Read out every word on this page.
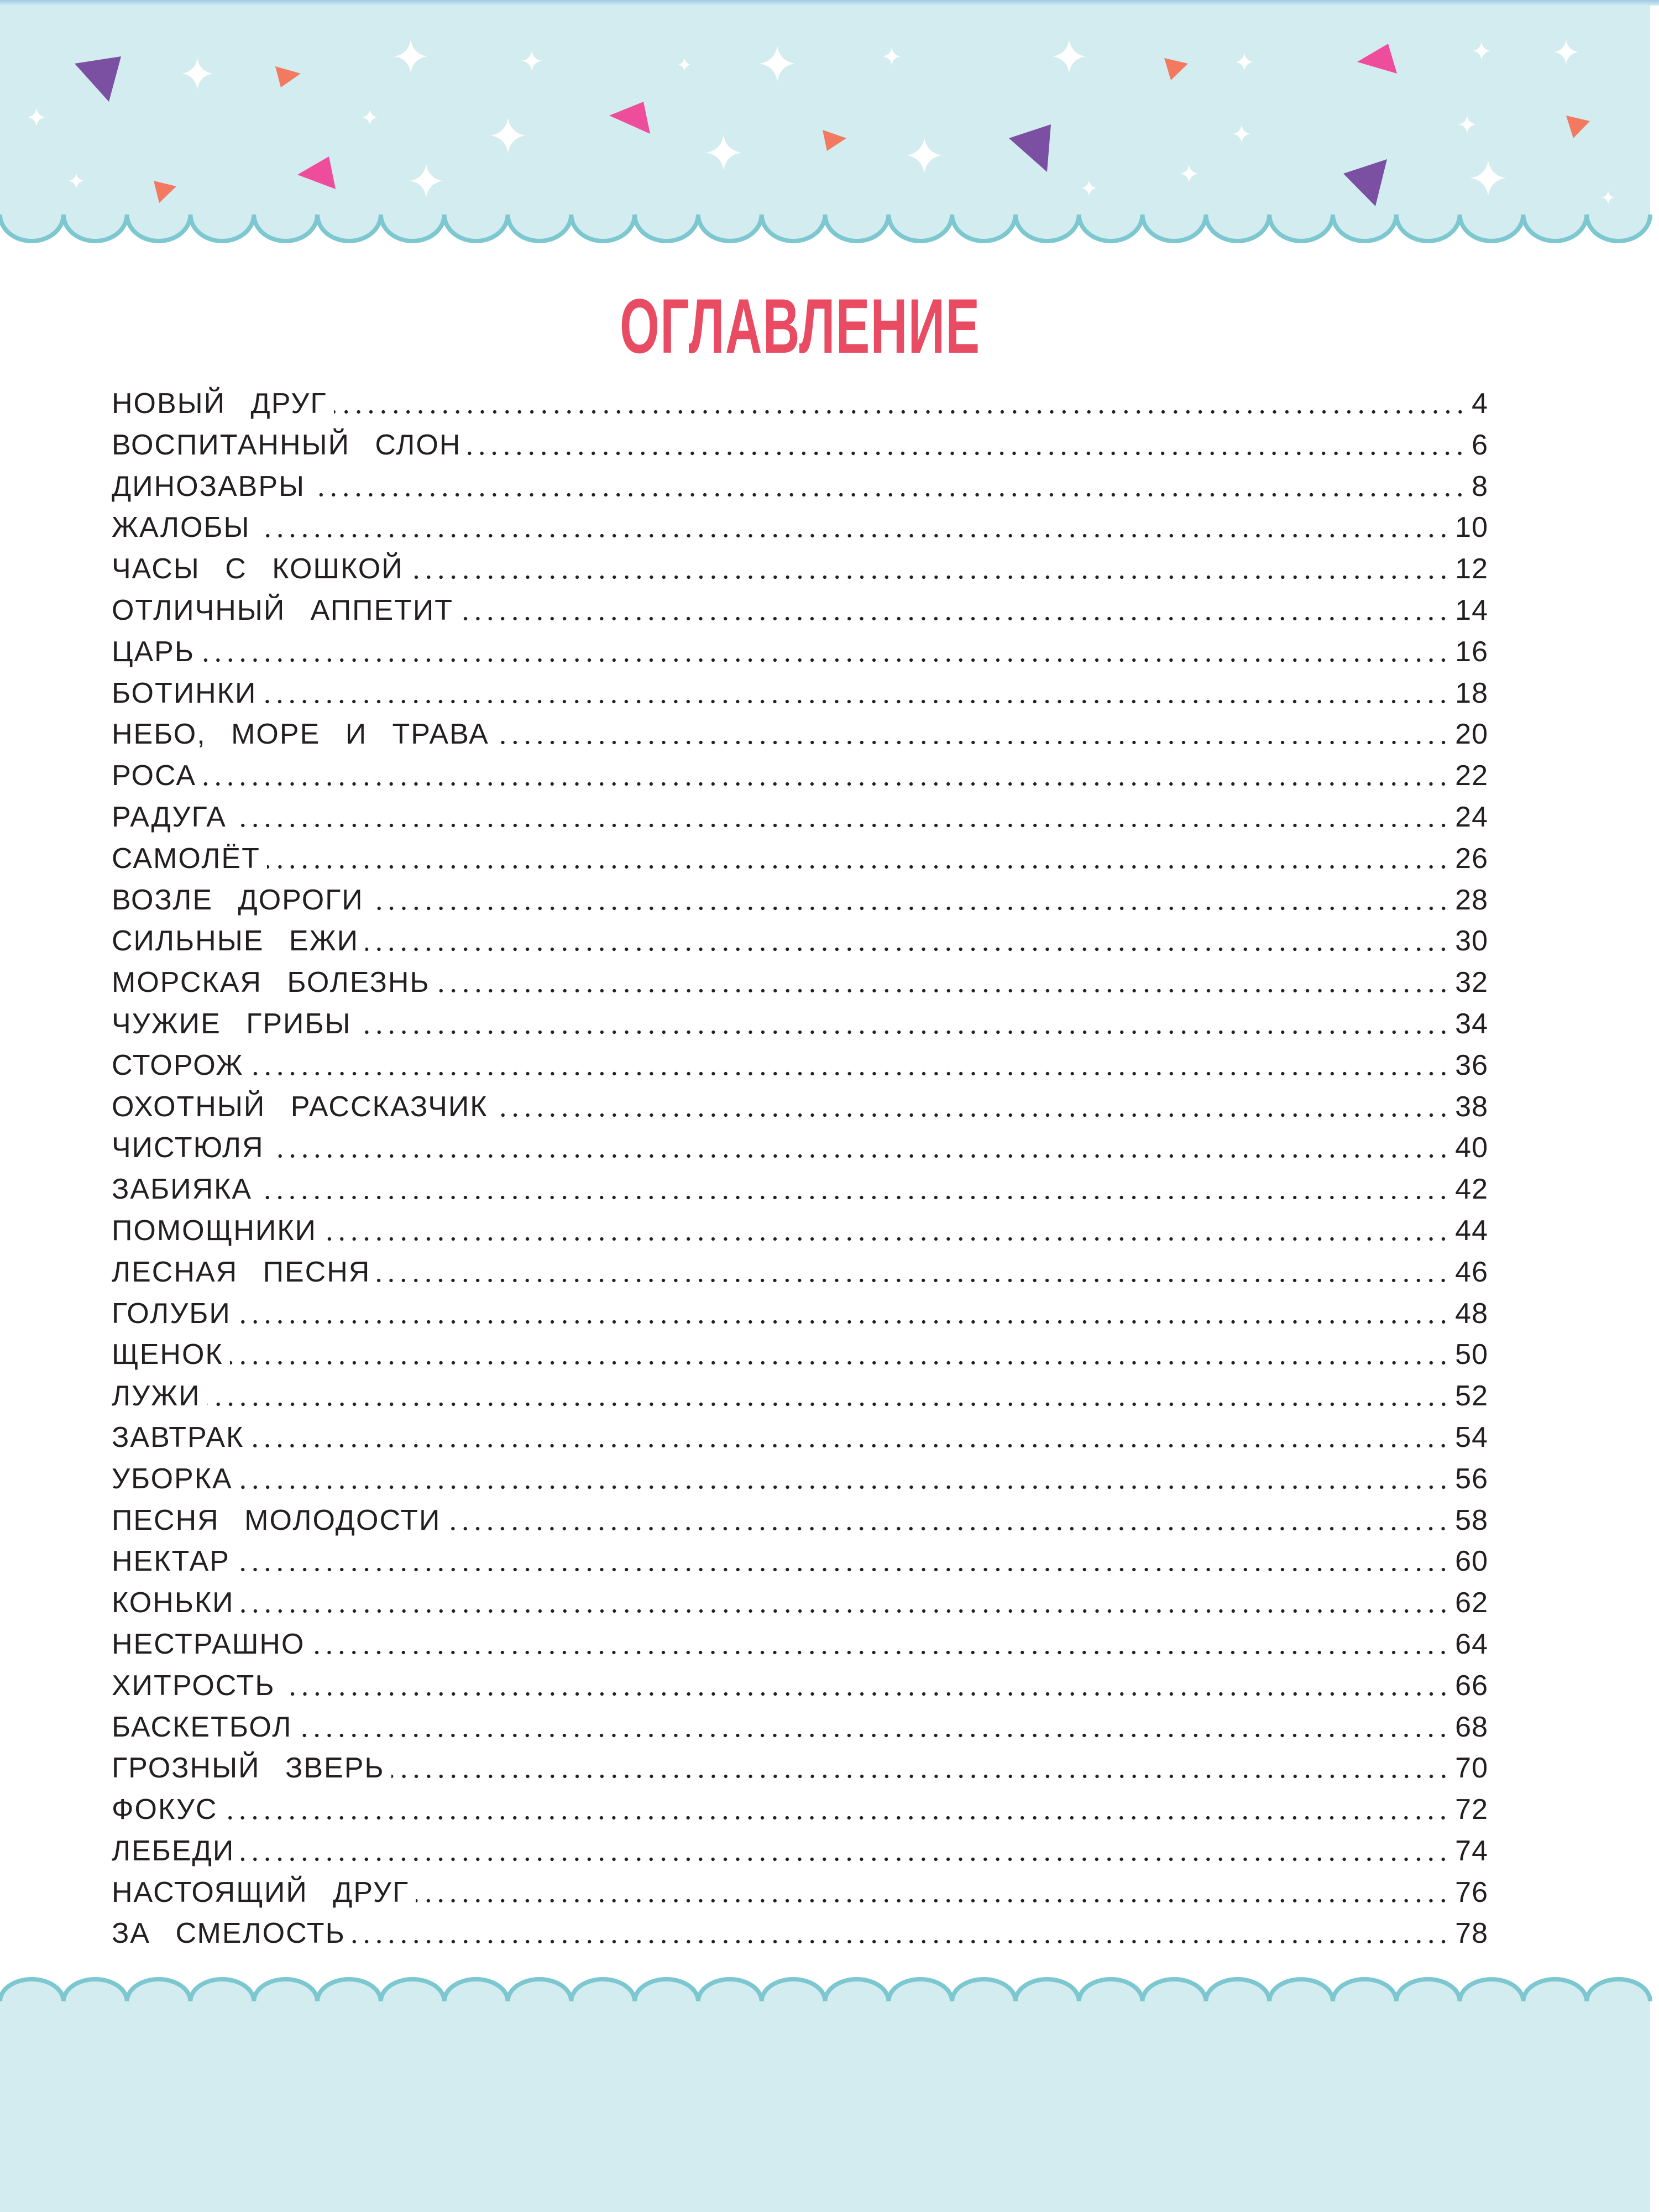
ОГЛАВЛЕНИЕ
НОВЫЙ ДРУГ	4
ВОСПИТАННЫЙ СЛОН	6
ДИНОЗАВРЫ	8
ЖАЛОБЫ	10
ЧАСЫ С КОШКОЙ	12
ОТЛИЧНЫЙ АППЕТИТ	14
ЦАРЬ	16
БОТИНКИ	18
НЕБО, МОРЕ И ТРАВА	20
РОСА	22
РАДУГА	24
САМОЛЁТ	26
ВОЗЛЕ ДОРОГИ	28
СИЛЬНЫЕ ЕЖИ	30
МОРСКАЯ БОЛЕЗНЬ	32
ЧУЖИЕ ГРИБЫ	34
СТОРОЖ	36
ОХОТНЫЙ РАССКАЗЧИК	38
ЧИСТЮЛЯ	40
ЗАБИЯКА	42
ПОМОЩНИКИ	44
ЛЕСНАЯ ПЕСНЯ	46
ГОЛУБИ	48
ЩЕНОК	50
ЛУЖИ	52
ЗАВТРАК	54
УБОРКА	56
ПЕСНЯ МОЛОДОСТИ	58
НЕКТАР	60
КОНЬКИ	62
НЕСТРАШНО	64
ХИТРОСТЬ	66
БАСКЕТБОЛ	68
ГРОЗНЫЙ ЗВЕРЬ	70
ФОКУС	72
ЛЕБЕДИ	74
НАСТОЯЩИЙ ДРУГ	76
ЗА СМЕЛОСТЬ	78
